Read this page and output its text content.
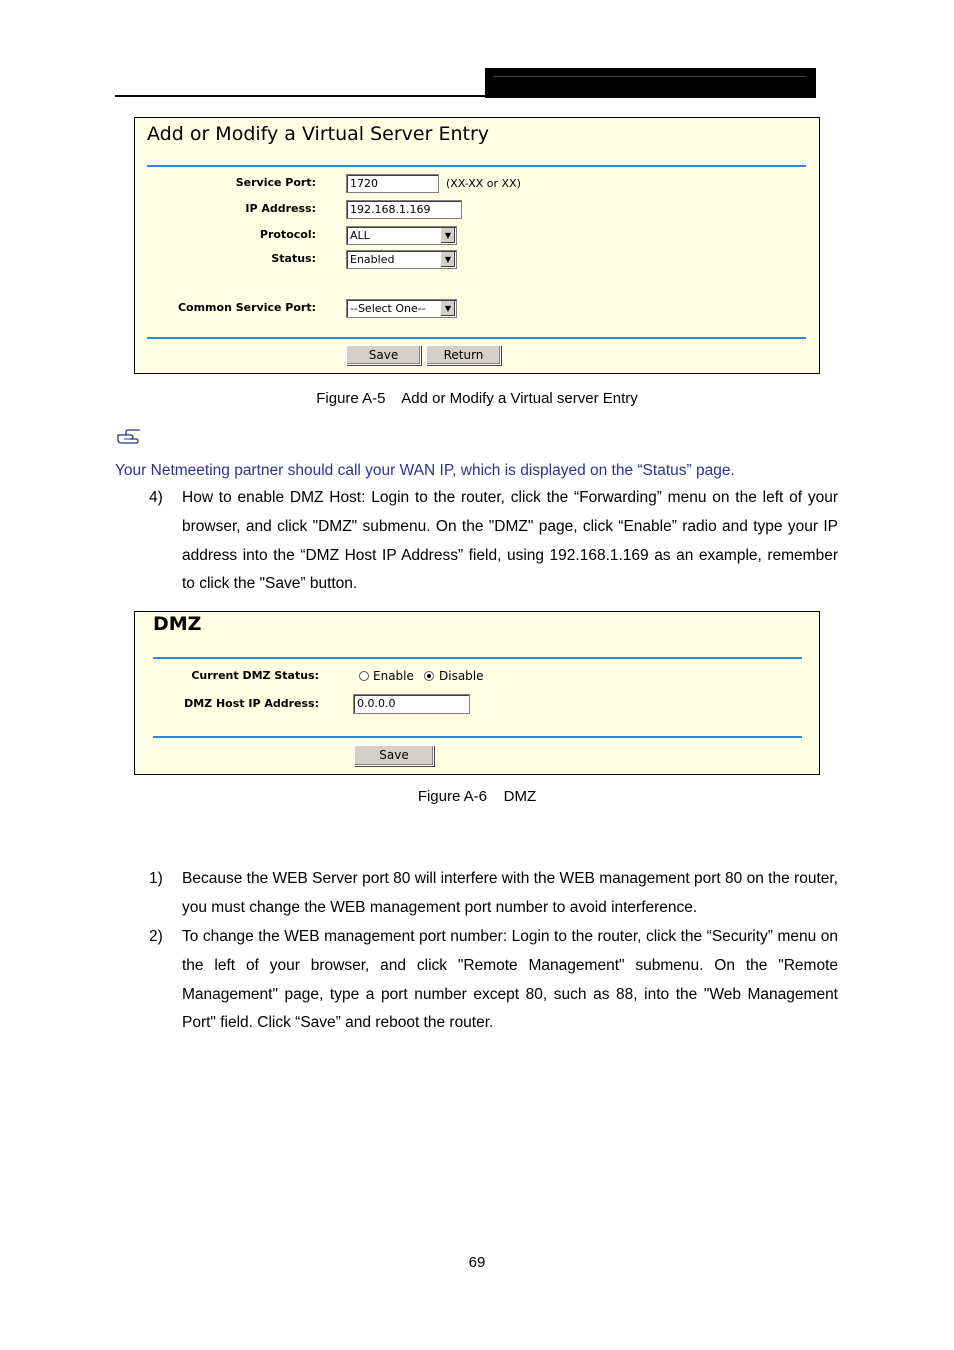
Add or Modify a Virtual Server Entry
Service Port:	1720	(XX-XX or XX)
IP Address:	192.168.1.169
Protocol:	ALL	▼
Status:	Enabled	▼
Common Service Port:	--Select One--	▼
Save	Return
Figure A-5    Add or Modify a Virtual server Entry
Your Netmeeting partner should call your WAN IP, which is displayed on the “Status” page.
4) How to enable DMZ Host: Login to the router, click the “Forwarding” menu on the left of your browser, and click "DMZ" submenu. On the "DMZ" page, click “Enable” radio and type your IP address into the “DMZ Host IP Address” field, using 192.168.1.169 as an example, remember to click the "Save” button.
DMZ
Current DMZ Status:	Enable Disable
DMZ Host IP Address:	0.0.0.0
Save
Figure A-6    DMZ
1) Because the WEB Server port 80 will interfere with the WEB management port 80 on the router, you must change the WEB management port number to avoid interference.
2) To change the WEB management port number: Login to the router, click the “Security” menu on the left of your browser, and click "Remote Management" submenu. On the "Remote Management" page, type a port number except 80, such as 88, into the "Web Management Port" field. Click “Save” and reboot the router.
69
